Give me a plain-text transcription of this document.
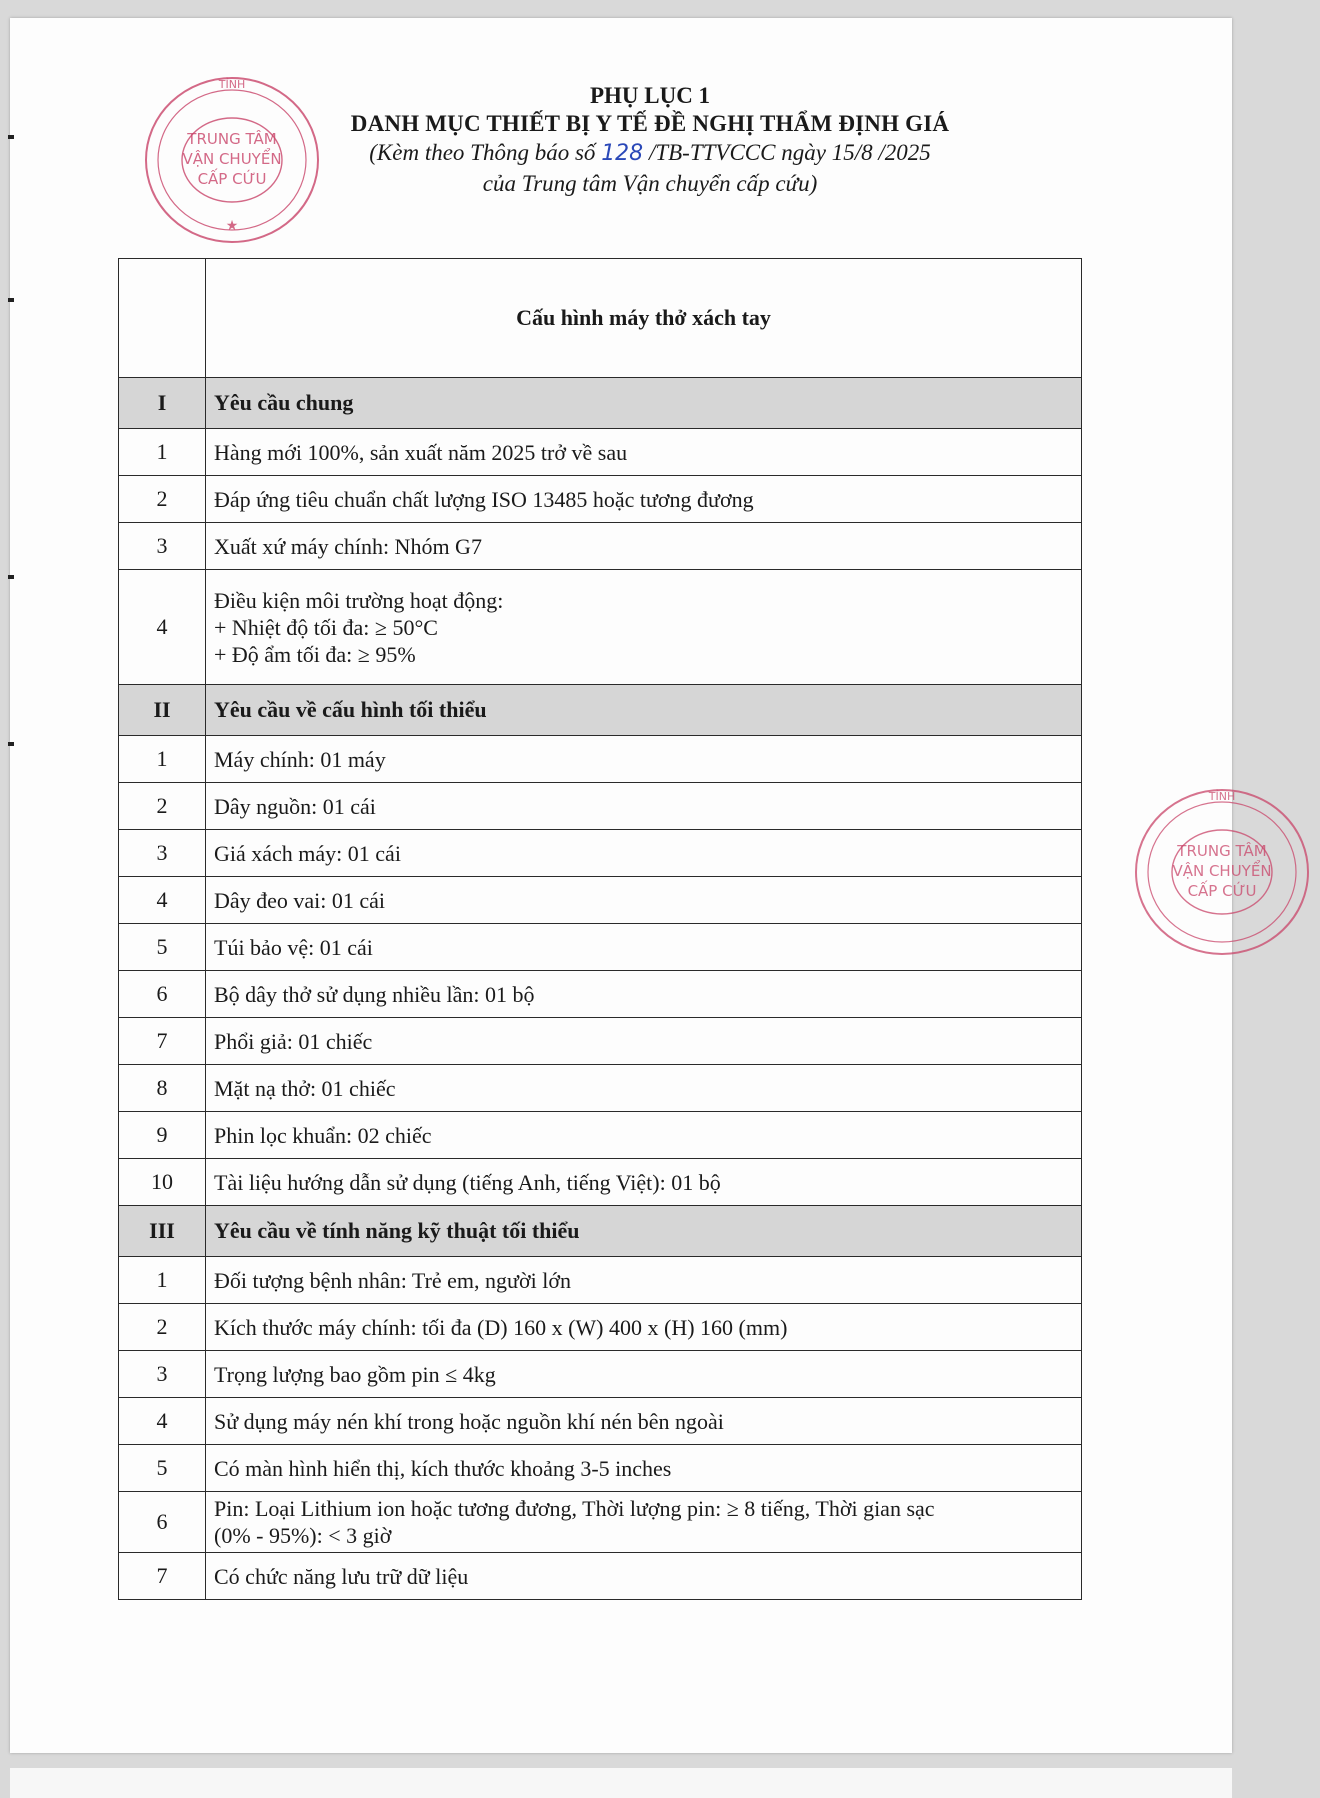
PHỤ LỤC 1
DANH MỤC THIẾT BỊ Y TẾ ĐỀ NGHỊ THẨM ĐỊNH GIÁ
(Kèm theo Thông báo số 128 /TB-TTVCCC ngày 15/8 /2025
của Trung tâm Vận chuyển cấp cứu)
TỈNH
TRUNG TÂM
VẬN CHUYỂN
CẤP CỨU
★
TỈNH
TRUNG TÂM
VẬN CHUYỂN
CẤP CỨU
	Cấu hình máy thở xách tay
I	Yêu cầu chung
1	Hàng mới 100%, sản xuất năm 2025 trở về sau

2	Đáp ứng tiêu chuẩn chất lượng ISO 13485 hoặc tương đương

3	Xuất xứ máy chính: Nhóm G7

4	Điều kiện môi trường hoạt động:
+ Nhiệt độ tối đa: ≥ 50°C
+ Độ ẩm tối đa: ≥ 95%

II	Yêu cầu về cấu hình tối thiểu
1	Máy chính: 01 máy

2	Dây nguồn: 01 cái

3	Giá xách máy: 01 cái

4	Dây đeo vai: 01 cái

5	Túi bảo vệ: 01 cái

6	Bộ dây thở sử dụng nhiều lần: 01 bộ

7	Phổi giả: 01 chiếc

8	Mặt nạ thở: 01 chiếc

9	Phin lọc khuẩn: 02 chiếc

10	Tài liệu hướng dẫn sử dụng (tiếng Anh, tiếng Việt): 01 bộ

III	Yêu cầu về tính năng kỹ thuật tối thiểu
1	Đối tượng bệnh nhân: Trẻ em, người lớn

2	Kích thước máy chính: tối đa (D) 160 x (W) 400 x (H) 160 (mm)

3	Trọng lượng bao gồm pin ≤ 4kg

4	Sử dụng máy nén khí trong hoặc nguồn khí nén bên ngoài

5	Có màn hình hiển thị, kích thước khoảng 3-5 inches

6	Pin: Loại Lithium ion hoặc tương đương, Thời lượng pin: ≥ 8 tiếng, Thời gian sạc
(0% - 95%): < 3 giờ

7	Có chức năng lưu trữ dữ liệu
